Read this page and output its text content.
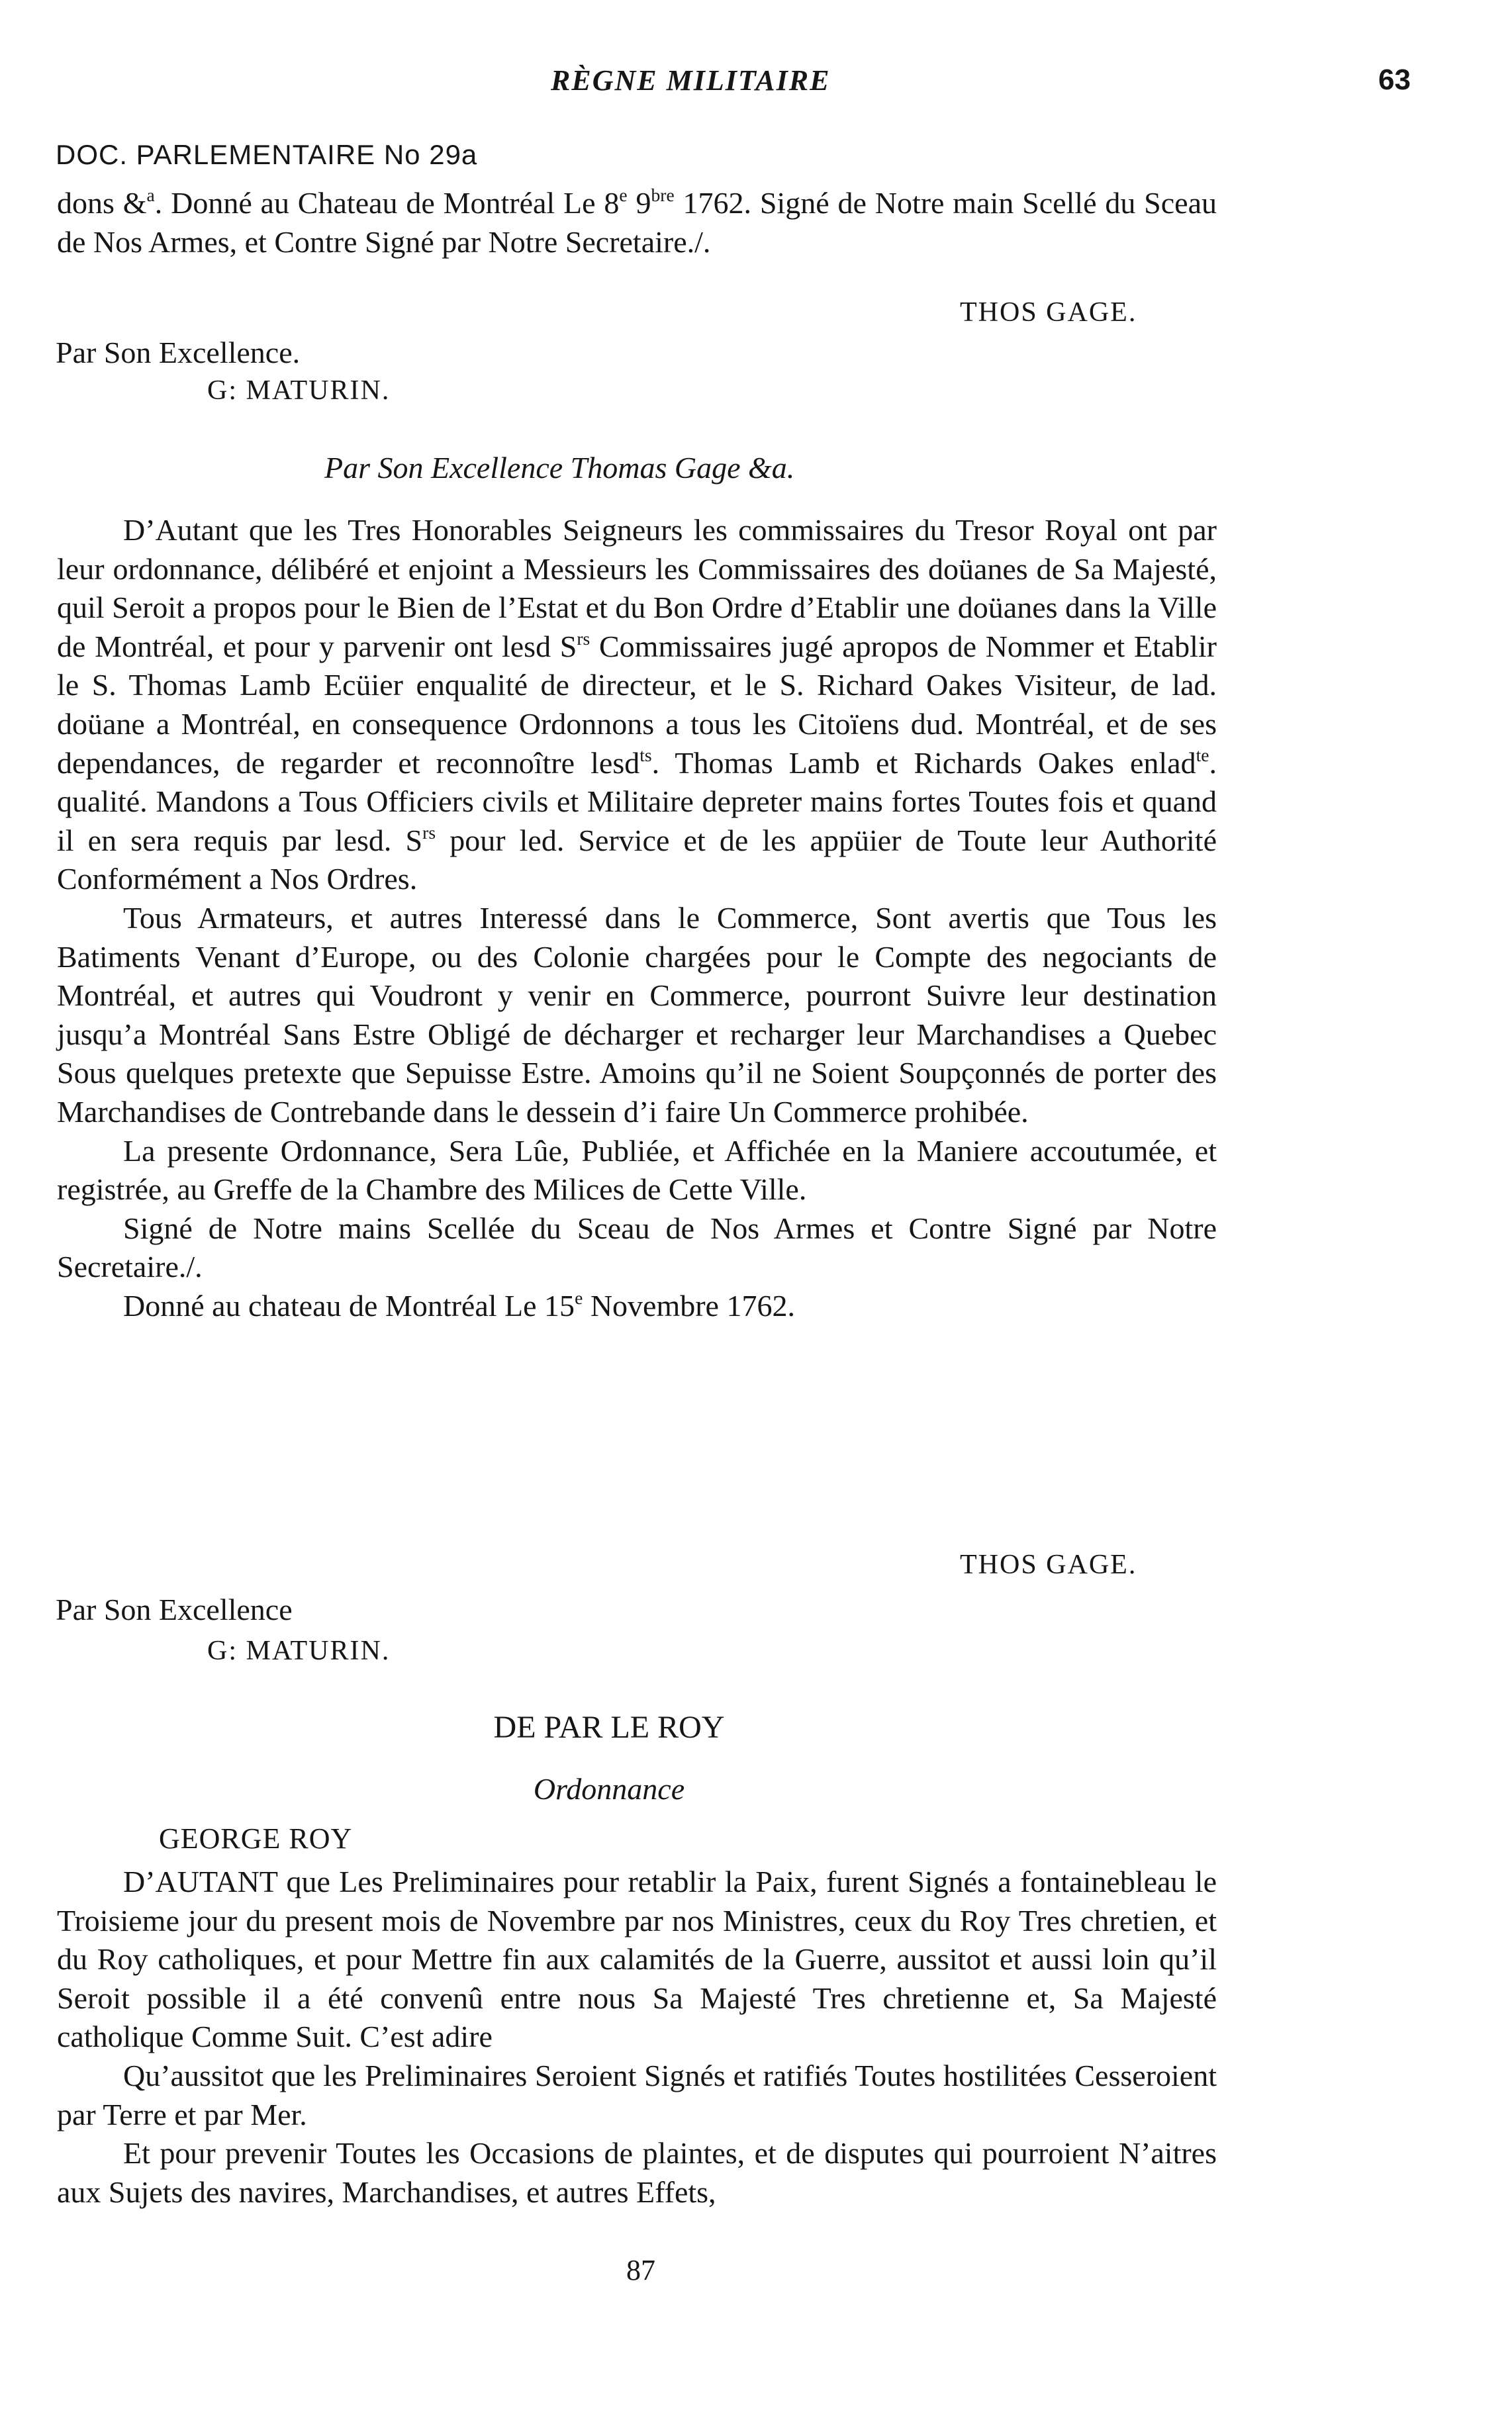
RÈGNE MILITAIRE	63
DOC. PARLEMENTAIRE No 29a

dons &$^a$. Donné au Chateau de Montréal Le 8e $9^{bre}$ 1762. Signé de Notre main Scellé du Sceau de Nos Armes, et Contre Signé par Notre Secretaire./.

THOS GAGE.
Par Son Excellence.
G: MATURIN.
Par Son Excellence Thomas Gage &a.

D’Autant que les Tres Honorables Seigneurs les commissaires du Tresor Royal ont par leur ordonnance, délibéré et enjoint a Messieurs les Commissaires des doüanes de Sa Majesté, quil Seroit a propos pour le Bien de l’Estat et du Bon Ordre d’Etablir une doüanes dans la Ville de Montréal, et pour y parvenir ont lesd $S^{rs}$ Commissaires jugé apropos de Nommer et Etablir le S. Thomas Lamb Ecüier enqualité de directeur, et le S. Richard Oakes Visiteur, de lad. doüane a Montréal, en consequence Ordonnons a tous les Citoïens dud. Montréal, et de ses dependances, de regarder et reconnoître lesd$^{ts}$. Thomas Lamb et Richards Oakes enlad$^{te}$. qualité. Mandons a Tous Officiers civils et Militaire depreter mains fortes Toutes fois et quand il en sera requis par lesd. $S^{rs}$ pour led. Service et de les appüier de Toute leur Authorité Conformément a Nos Ordres.

Tous Armateurs, et autres Interessé dans le Commerce, Sont avertis que Tous les Batiments Venant d’Europe, ou des Colonie chargées pour le Compte des negociants de Montréal, et autres qui Voudront y venir en Commerce, pourront Suivre leur destination jusqu’a Montréal Sans Estre Obligé de décharger et recharger leur Marchandises a Quebec Sous quelques pretexte que Sepuisse Estre. Amoins qu’il ne Soient Soupçonnés de porter des Marchandises de Contrebande dans le dessein d’i faire Un Commerce prohibée.

La presente Ordonnance, Sera Lûe, Publiée, et Affichée en la Maniere accoutumée, et registrée, au Greffe de la Chambre des Milices de Cette Ville.

Signé de Notre mains Scellée du Sceau de Nos Armes et Contre Signé par Notre Secretaire./.

Donné au chateau de Montréal Le 15e Novembre 1762.

THOS GAGE.
Par Son Excellence
G: MATURIN.
DE PAR LE ROY
Ordonnance
GEORGE ROY

D’AUTANT que Les Preliminaires pour retablir la Paix, furent Signés a fontainebleau le Troisieme jour du present mois de Novembre par nos Ministres, ceux du Roy Tres chretien, et du Roy catholiques, et pour Mettre fin aux calamités de la Guerre, aussitot et aussi loin qu’il Seroit possible il a été convenû entre nous Sa Majesté Tres chretienne et, Sa Majesté catholique Comme Suit. C’est adire

Qu’aussitot que les Preliminaires Seroient Signés et ratifiés Toutes hostilitées Cesseroient par Terre et par Mer.

Et pour prevenir Toutes les Occasions de plaintes, et de disputes qui pourroient N’aitres aux Sujets des navires, Marchandises, et autres Effets,

87
